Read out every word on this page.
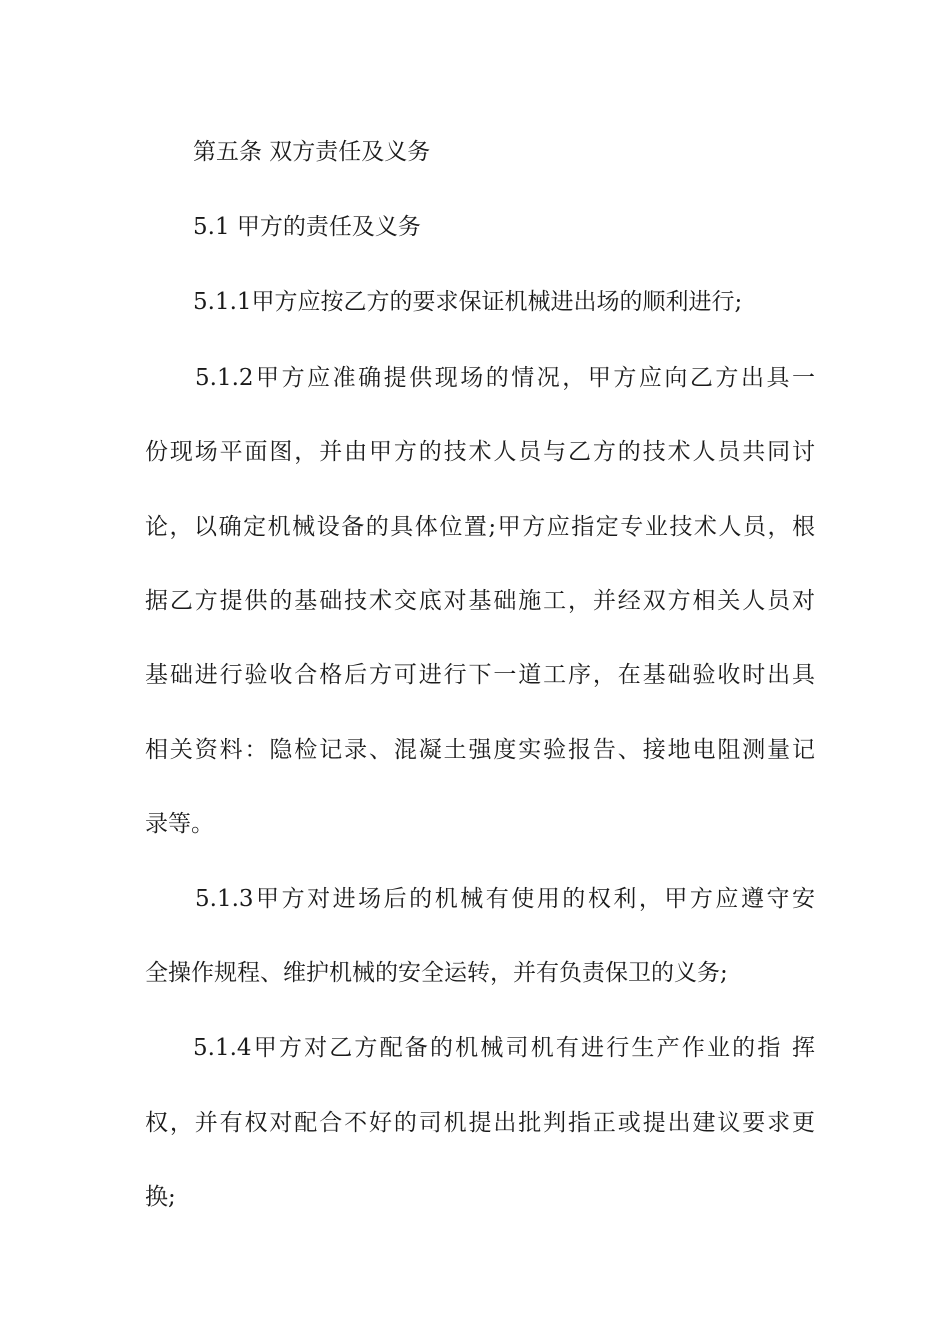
第五条 双方责任及义务
5.1 甲方的责任及义务
5.1.1甲方应按乙方的要求保证机械进出场的顺利进行;
5.1.2甲方应准确提供现场的情况，甲方应向乙方出具一
份现场平面图，并由甲方的技术人员与乙方的技术人员共同讨
论，以确定机械设备的具体位置;甲方应指定专业技术人员，根
据乙方提供的基础技术交底对基础施工，并经双方相关人员对
基础进行验收合格后方可进行下一道工序，在基础验收时出具
相关资料：隐检记录、混凝土强度实验报告、接地电阻测量记
录等。
5.1.3甲方对进场后的机械有使用的权利，甲方应遵守安
全操作规程、维护机械的安全运转，并有负责保卫的义务;
5.1.4甲方对乙方配备的机械司机有进行生产作业的指 挥
权，并有权对配合不好的司机提出批判指正或提出建议要求更
换;
